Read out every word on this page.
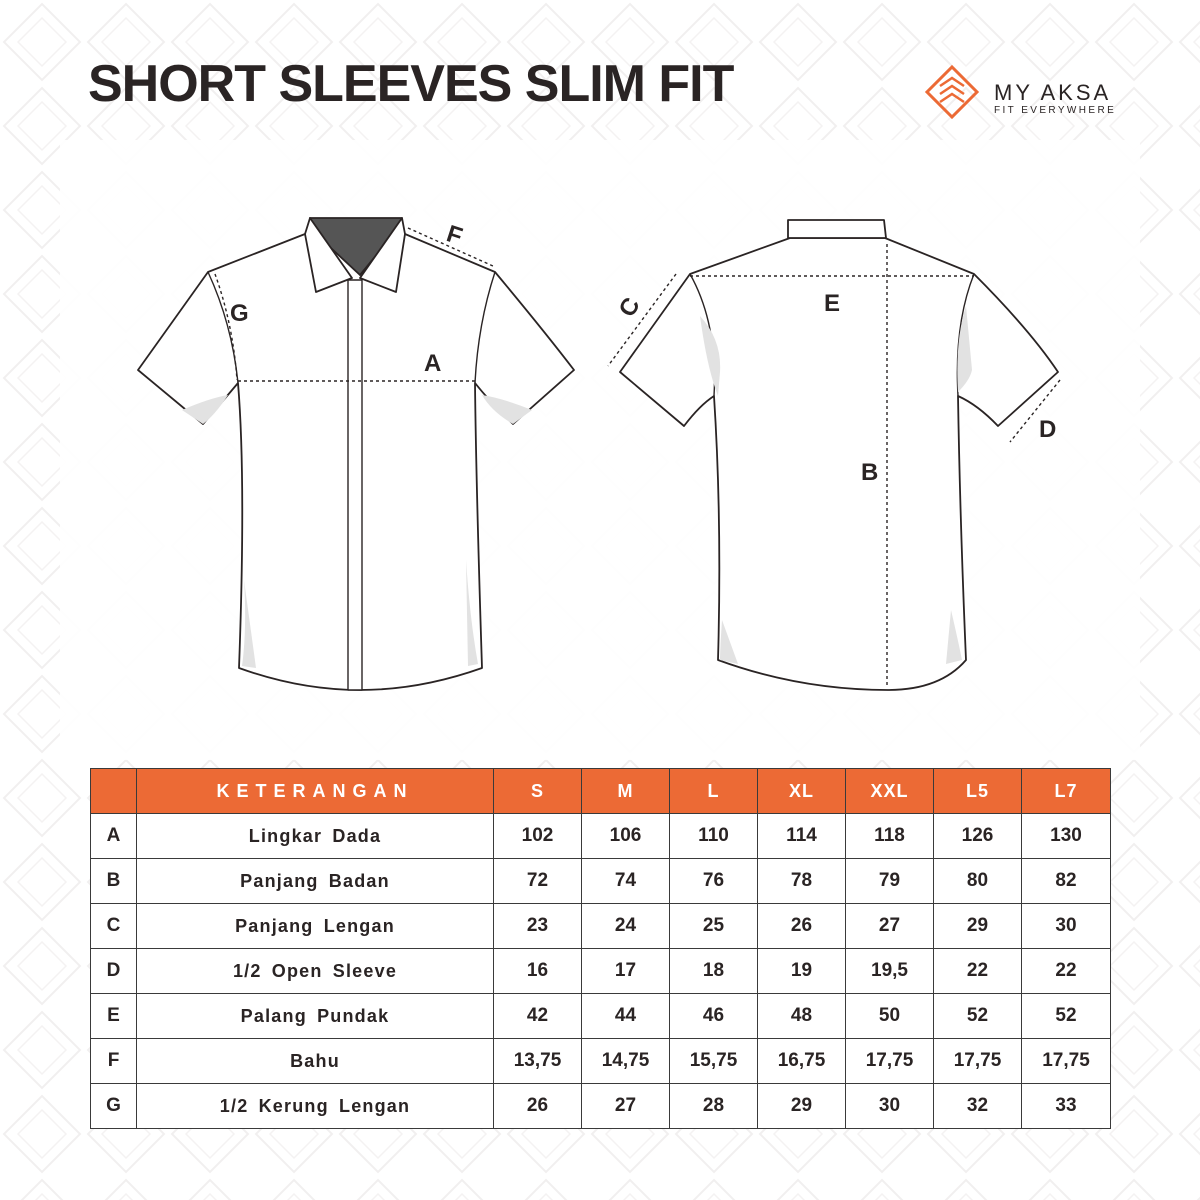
SHORT SLEEVES SLIM FIT	MY AKSA
FIT EVERYWHERE
G
A
F
C	E
B
D
	KETERANGAN	S	M	L	XL	XXL	L5	L7
A	Lingkar Dada	102	106	110	114	118	126	130
B	Panjang Badan	72	74	76	78	79	80	82
C	Panjang Lengan	23	24	25	26	27	29	30
D	1/2 Open Sleeve	16	17	18	19	19,5	22	22
E	Palang Pundak	42	44	46	48	50	52	52
F	Bahu	13,75	14,75	15,75	16,75	17,75	17,75	17,75
G	1/2 Kerung Lengan	26	27	28	29	30	32	33
